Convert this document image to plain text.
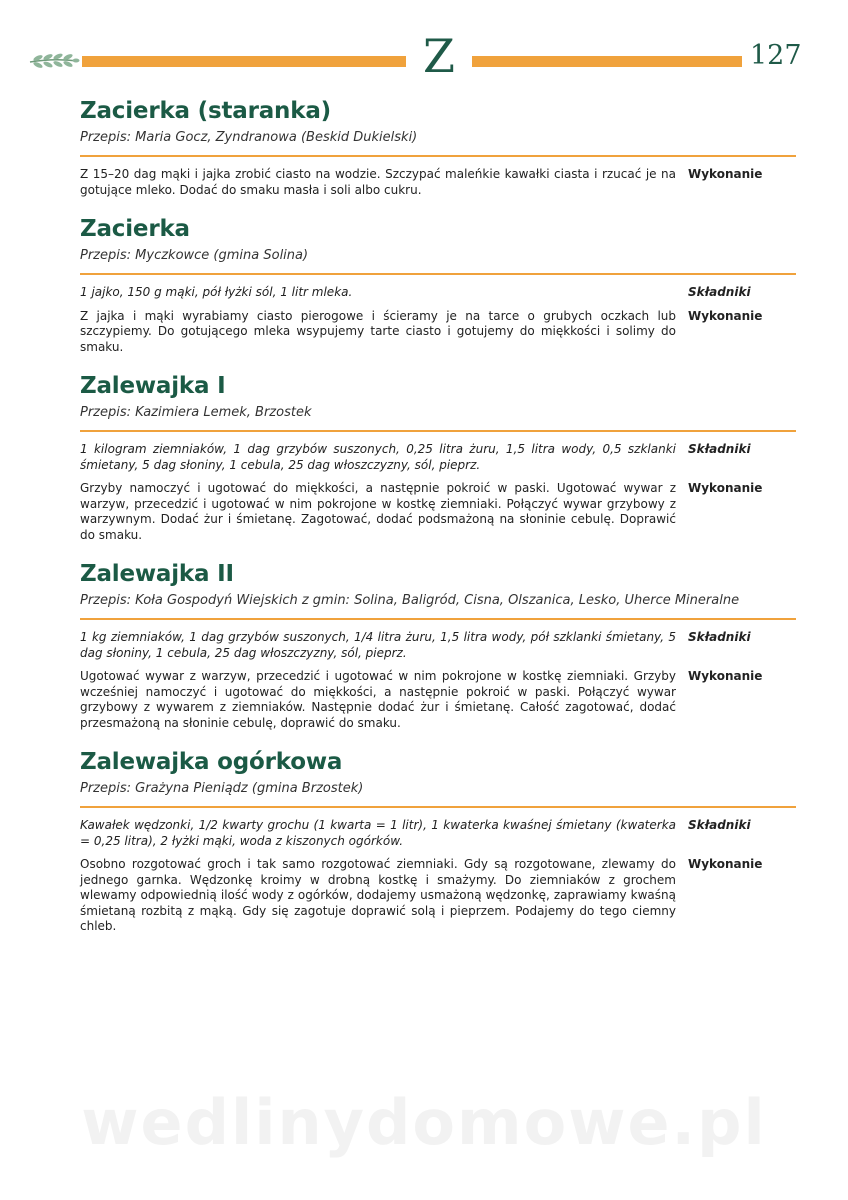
Z	127
Zacierka (staranka)
Przepis: Maria Gocz, Zyndranowa (Beskid Dukielski)
Z 15–20 dag mąki i jajka zrobić ciasto na wodzie. Szczypać maleńkie kawałki ciasta i rzucać je na gotujące mleko. Dodać do smaku masła i soli albo cukru.
Wykonanie
Zacierka
Przepis: Myczkowce (gmina Solina)
1 jajko, 150 g mąki, pół łyżki sól, 1 litr mleka.	Składniki
Z jajka i mąki wyrabiamy ciasto pierogowe i ścieramy je na tarce o grubych oczkach lub szczypiemy. Do gotującego mleka wsypujemy tarte ciasto i gotujemy do miękkości i solimy do smaku.
Wykonanie
Zalewajka I
Przepis: Kazimiera Lemek, Brzostek
1 kilogram ziemniaków, 1 dag grzybów suszonych, 0,25 litra żuru, 1,5 litra wody, 0,5 szklanki śmietany, 5 dag słoniny, 1 cebula, 25 dag włoszczyzny, sól, pieprz.
Składniki
Grzyby namoczyć i ugotować do miękkości, a następnie pokroić w paski. Ugotować wywar z warzyw, przecedzić i ugotować w nim pokrojone w kostkę ziemniaki. Połączyć wywar grzybowy z warzywnym. Dodać żur i śmietanę. Zagotować, dodać podsmażoną na słoninie cebulę. Doprawić do smaku.
Wykonanie
Zalewajka II
Przepis: Koła Gospodyń Wiejskich z gmin: Solina, Baligród, Cisna, Olszanica, Lesko, Uherce Mineralne
1 kg ziemniaków, 1 dag grzybów suszonych, 1/4 litra żuru, 1,5 litra wody, pół szklanki śmietany, 5 dag słoniny, 1 cebula, 25 dag włoszczyzny, sól, pieprz.
Składniki
Ugotować wywar z warzyw, przecedzić i ugotować w nim pokrojone w kostkę ziemniaki. Grzyby wcześniej namoczyć i ugotować do miękkości, a następnie pokroić w paski. Połączyć wywar grzybowy z wywarem z ziemniaków. Następnie dodać żur i śmietanę. Całość zagotować, dodać przesmażoną na słoninie cebulę, doprawić do smaku.
Wykonanie
Zalewajka ogórkowa
Przepis: Grażyna Pieniądz (gmina Brzostek)
Kawałek wędzonki, 1/2 kwarty grochu (1 kwarta = 1 litr), 1 kwaterka kwaśnej śmietany (kwaterka = 0,25 litra), 2 łyżki mąki, woda z kiszonych ogórków.
Składniki
Osobno rozgotować groch i tak samo rozgotować ziemniaki. Gdy są rozgotowane, zlewamy do jednego garnka. Wędzonkę kroimy w drobną kostkę i smażymy. Do ziemniaków z grochem wlewamy odpowiednią ilość wody z ogórków, dodajemy usmażoną wędzonkę, zaprawiamy kwaśną śmietaną rozbitą z mąką. Gdy się zagotuje doprawić solą i pieprzem. Podajemy do tego ciemny chleb.
Wykonanie
wedlinydomowe.pl
